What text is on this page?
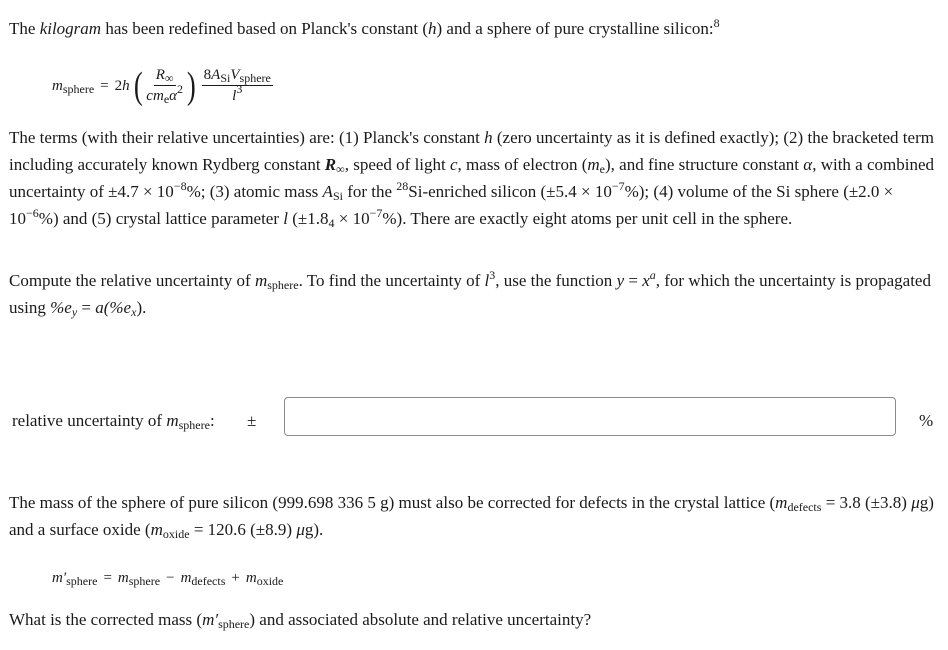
The kilogram has been redefined based on Planck's constant (h) and a sphere of pure crystalline silicon:$^8$
$m_{sphere} = 2$ h ( $\frac{R_\infty}{cm_e\alpha^2}$ ) $\frac{8A_{Si}V_{sphere}}{l^3}$
The terms (with their relative uncertainties) are: (1) Planck's constant h (zero uncertainty as it is defined exactly); (2) the bracketed term including accurately known Rydberg constant $R_\infty$, speed of light c, mass of electron $(m_e)$, and fine structure constant α, with a combined uncertainty of $\pm 4.7 \times 10^{-8}\%$; (3) atomic mass $A_{Si}$ for the $^{28}$Si-enriched silicon $(\pm 5.4 \times 10^{-7}\%)$; (4) volume of the Si sphere $(\pm 2.0 \times 10^{-6}\%)$ and (5) crystal lattice parameter l $(\pm 1.8_4 \times 10^{-7}\%)$. There are exactly eight atoms per unit cell in the sphere.
Compute the relative uncertainty of $m_{sphere}$. To find the uncertainty of $l^3$, use the function $y = x^a$, for which the uncertainty is propagated using $\%e_y = a(\%e_x)$.
relative uncertainty of $m_{sphere}$: ±	%
The mass of the sphere of pure silicon (999.698 336 5 g) must also be corrected for defects in the crystal lattice ($m_{defects} = 3.8$ (±3.8) μg) and a surface oxide ($m_{oxide} = 120.6$ (±8.9) μg).
$m'_{sphere} = m_{sphere} - m_{defects} + m_{oxide}$
What is the corrected mass $(m'_{sphere})$ and associated absolute and relative uncertainty?
